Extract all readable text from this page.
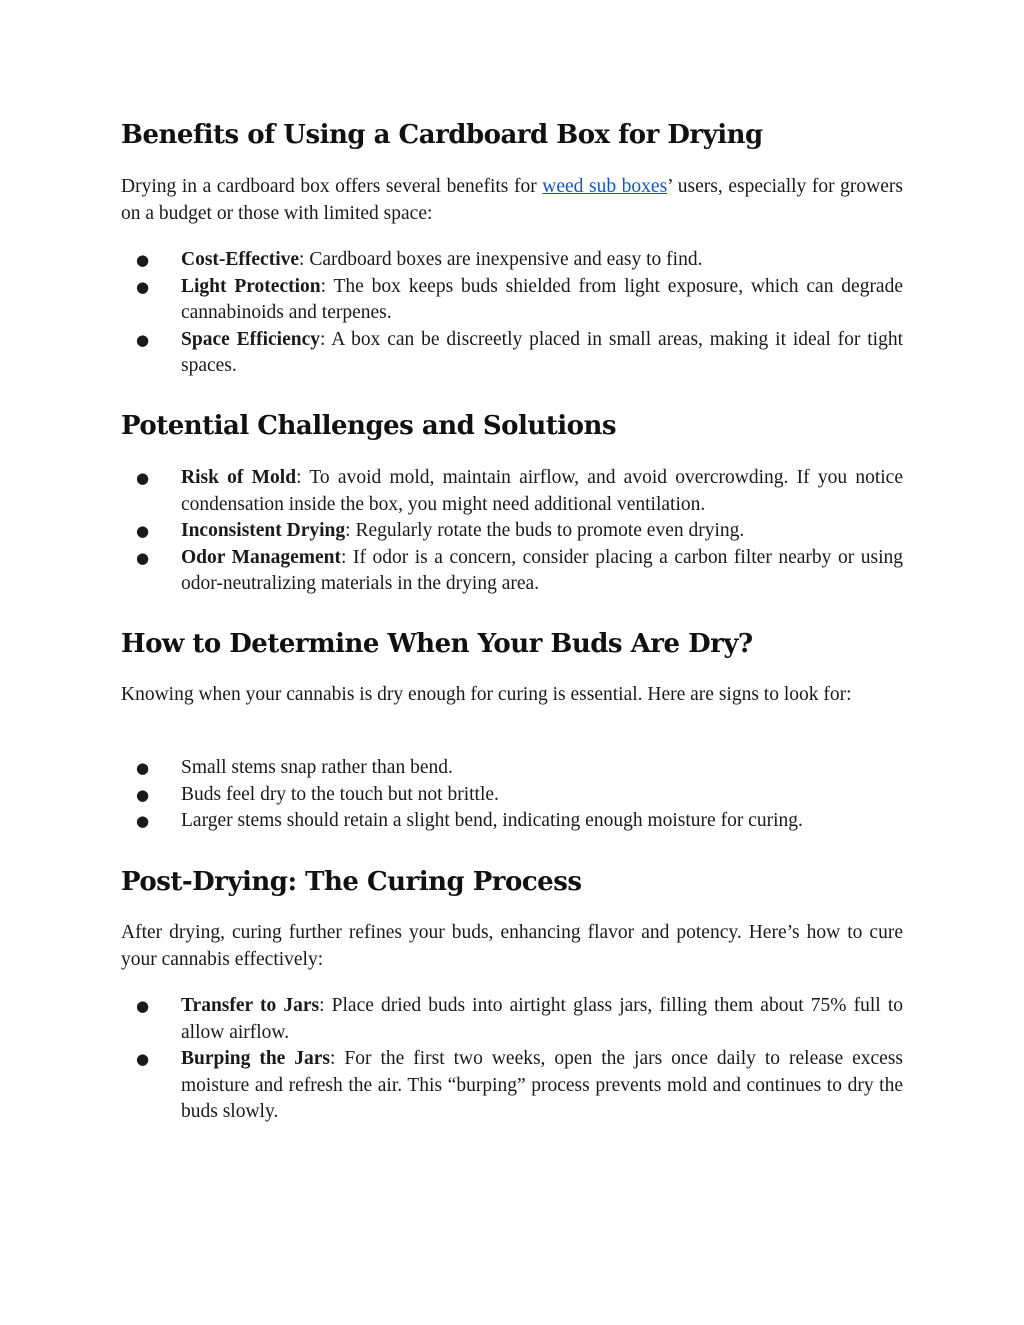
Benefits of Using a Cardboard Box for Drying

Drying in a cardboard box offers several benefits for weed sub boxes’ users, especially for growers on a budget or those with limited space:

● Cost-Effective: Cardboard boxes are inexpensive and easy to find.
● Light Protection: The box keeps buds shielded from light exposure, which can degrade cannabinoids and terpenes.
● Space Efficiency: A box can be discreetly placed in small areas, making it ideal for tight spaces.
Potential Challenges and Solutions
● Risk of Mold: To avoid mold, maintain airflow, and avoid overcrowding. If you notice condensation inside the box, you might need additional ventilation.
● Inconsistent Drying: Regularly rotate the buds to promote even drying.
● Odor Management: If odor is a concern, consider placing a carbon filter nearby or using odor-neutralizing materials in the drying area.
How to Determine When Your Buds Are Dry?

Knowing when your cannabis is dry enough for curing is essential. Here are signs to look for:

● Small stems snap rather than bend.
● Buds feel dry to the touch but not brittle.
● Larger stems should retain a slight bend, indicating enough moisture for curing.
Post-Drying: The Curing Process

After drying, curing further refines your buds, enhancing flavor and potency. Here’s how to cure your cannabis effectively:

● Transfer to Jars: Place dried buds into airtight glass jars, filling them about 75% full to allow airflow.
● Burping the Jars: For the first two weeks, open the jars once daily to release excess moisture and refresh the air. This “burping” process prevents mold and continues to dry the buds slowly.
